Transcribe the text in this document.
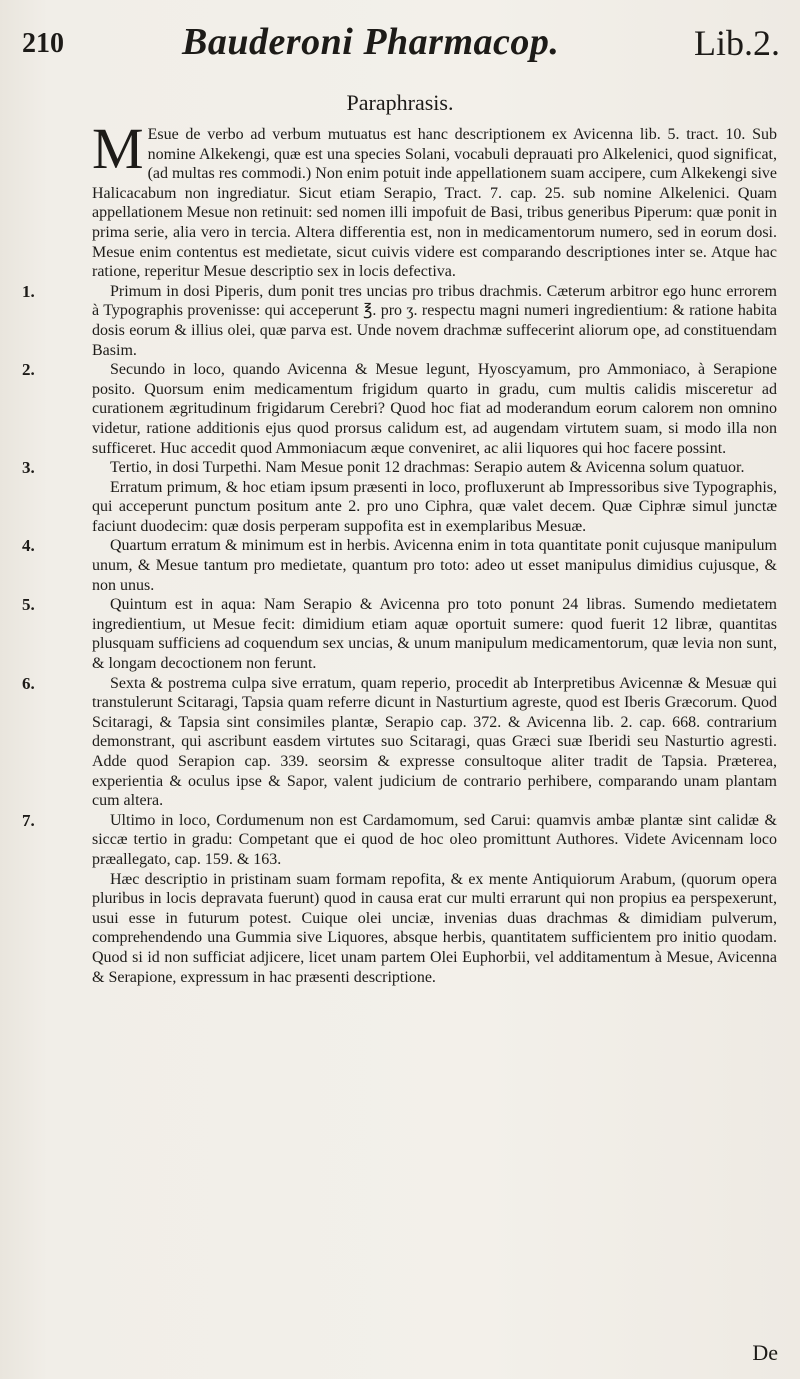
210	Bauderoni Pharmacop.	Lib.2.
Paraphrasis.

M Esue de verbo ad verbum mutuatus est hanc descriptionem ex Avicenna lib. 5. tract. 10. Sub nomine Alkekengi, quæ est una species Solani, vocabuli deprauati pro Alkelenici, quod significat, (ad multas res commodi.) Non enim potuit inde appellationem suam accipere, cum Alkekengi sive Halicacabum non ingrediatur. Sicut etiam Serapio, Tract. 7. cap. 25. sub nomine Alkelenici. Quam appellationem Mesue non retinuit: sed nomen illi impofuit de Basi, tribus generibus Piperum: quæ ponit in prima serie, alia vero in tercia. Altera differentia est, non in medicamentorum numero, sed in eorum dosi. Mesue enim contentus est medietate, sicut cuivis videre est comparando descriptiones inter se. Atque hac ratione, reperitur Mesue descriptio sex in locis defectiva.

1.	Primum in dosi Piperis, dum ponit tres uncias pro tribus drachmis. Cæterum arbitror ego hunc errorem à Typographis provenisse: qui acceperunt ℥. pro ʒ. respectu magni numeri ingredientium: & ratione habita dosis eorum & illius olei, quæ parva est. Unde novem drachmæ suffecerint aliorum ope, ad constituendam Basim.

2.	Secundo in loco, quando Avicenna & Mesue legunt, Hyoscyamum, pro Ammoniaco, à Serapione posito. Quorsum enim medicamentum frigidum quarto in gradu, cum multis calidis misceretur ad curationem ægritudinum frigidarum Cerebri? Quod hoc fiat ad moderandum eorum calorem non omnino videtur, ratione additionis ejus quod prorsus calidum est, ad augendam virtutem suam, si modo illa non sufficeret. Huc accedit quod Ammoniacum æque conveniret, ac alii liquores qui hoc facere possint.

3.	Tertio, in dosi Turpethi. Nam Mesue ponit 12 drachmas: Serapio autem & Avicenna solum quatuor.

Erratum primum, & hoc etiam ipsum præsenti in loco, profluxerunt ab Impressoribus sive Typographis, qui acceperunt punctum positum ante 2. pro uno Ciphra, quæ valet decem. Quæ Ciphræ simul junctæ faciunt duodecim: quæ dosis perperam suppofita est in exemplaribus Mesuæ.

4.	Quartum erratum & minimum est in herbis. Avicenna enim in tota quantitate ponit cujusque manipulum unum, & Mesue tantum pro medietate, quantum pro toto: adeo ut esset manipulus dimidius cujusque, & non unus.

5.	Quintum est in aqua: Nam Serapio & Avicenna pro toto ponunt 24 libras. Sumendo medietatem ingredientium, ut Mesue fecit: dimidium etiam aquæ oportuit sumere: quod fuerit 12 libræ, quantitas plusquam sufficiens ad coquendum sex uncias, & unum manipulum medicamentorum, quæ levia non sunt, & longam decoctionem non ferunt.

6.	Sexta & postrema culpa sive erratum, quam reperio, procedit ab Interpretibus Avicennæ & Mesuæ qui transtulerunt Scitaragi, Tapsia quam referre dicunt in Nasturtium agreste, quod est Iberis Græcorum. Quod Scitaragi, & Tapsia sint consimiles plantæ, Serapio cap. 372. & Avicenna lib. 2. cap. 668. contrarium demonstrant, qui ascribunt easdem virtutes suo Scitaragi, quas Græci suæ Iberidi seu Nasturtio agresti. Adde quod Serapion cap. 339. seorsim & expresse consultoque aliter tradit de Tapsia. Præterea, experientia & oculus ipse & Sapor, valent judicium de contrario perhibere, comparando unam plantam cum altera.

7.	Ultimo in loco, Cordumenum non est Cardamomum, sed Carui: quamvis ambæ plantæ sint calidæ & siccæ tertio in gradu: Competant que ei quod de hoc oleo promittunt Authores. Videte Avicennam loco præallegato, cap. 159. & 163.

Hæc descriptio in pristinam suam formam repofita, & ex mente Antiquiorum Arabum, (quorum opera pluribus in locis depravata fuerunt) quod in causa erat cur multi errarunt qui non propius ea perspexerunt, usui esse in futurum potest. Cuique olei unciæ, invenias duas drachmas & dimidiam pulverum, comprehendendo una Gummia sive Liquores, absque herbis, quantitatem sufficientem pro initio quodam. Quod si id non sufficiat adjicere, licet unam partem Olei Euphorbii, vel additamentum à Mesue, Avicenna & Serapione, expressum in hac præsenti descriptione.

De
